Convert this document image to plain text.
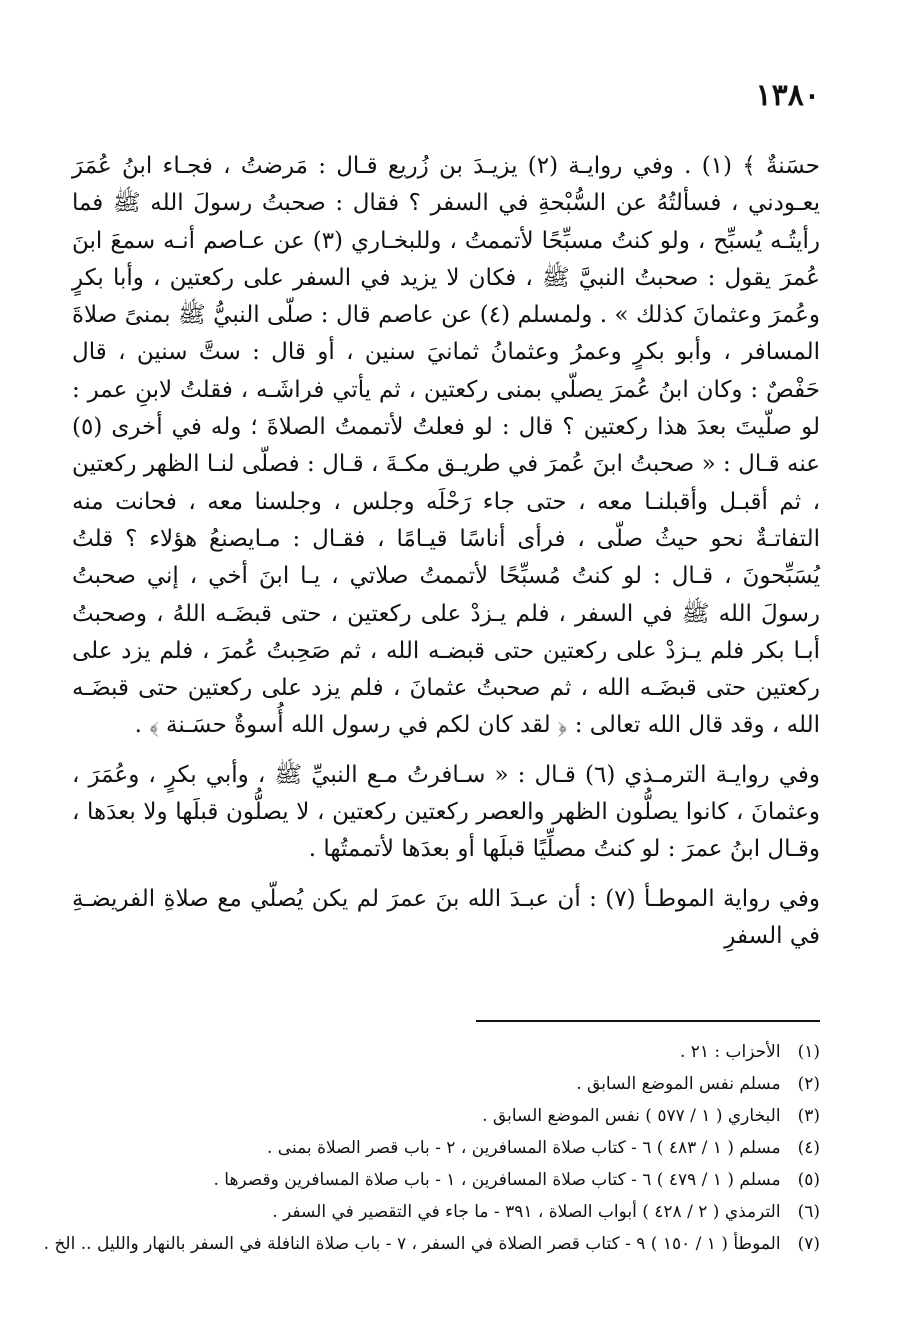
١٣٨٠

حسَنةٌ ﴾ (١) . وفي روايـة (٢) يزيـدَ بن زُريع قـال : مَرضتُ ، فجـاء ابنُ عُمَرَ يعـودني ، فسألتُهُ عن السُّبْحةِ في السفر ؟ فقال : صحبتُ رسولَ الله ﷺ فما رأيتُـه يُسبِّح ، ولو كنتُ مسبِّحًا لأتممتُ ، وللبخـاري (٣) عن عـاصم أنـه سمعَ ابنَ عُمرَ يقول : صحبتُ النبيَّ ﷺ ، فكان لا يزيد في السفر على ركعتين ، وأبا بكرٍ وعُمرَ وعثمانَ كذلك » . ولمسلم (٤) عن عاصم قال : صلّى النبيُّ ﷺ بمنىً صلاةَ المسافر ، وأبو بكرٍ وعمرُ وعثمانُ ثمانيَ سنين ، أو قال : ستَّ سنين ، قال حَفْصٌ : وكان ابنُ عُمرَ يصلّي بمنى ركعتين ، ثم يأتي فراشَـه ، فقلتُ لابنِ عمر : لو صلّيتَ بعدَ هذا ركعتين ؟ قال : لو فعلتُ لأتممتُ الصلاةَ ؛ وله في أخرى (٥) عنه قـال : « صحبتُ ابنَ عُمرَ في طريـق مكـةَ ، قـال : فصلّى لنـا الظهر ركعتين ، ثم أقبـل وأقبلنـا معه ، حتى جاء رَحْلَه وجلس ، وجلسنا معه ، فحانت منه التفاتـةٌ نحو حيثُ صلّى ، فرأى أناسًا قيـامًا ، فقـال : مـايصنعُ هؤلاء ؟ قلتُ يُسَبِّحونَ ، قـال : لو كنتُ مُسبِّحًا لأتممتُ صلاتي ، يـا ابنَ أخي ، إني صحبتُ رسولَ الله ﷺ في السفر ، فلم يـزدْ على ركعتين ، حتى قبضَـه اللهُ ، وصحبتُ أبـا بكر فلم يـزدْ على ركعتين حتى قبضـه الله ، ثم صَحِبتُ عُمرَ ، فلم يزد على ركعتين حتى قبضَـه الله ، ثم صحبتُ عثمانَ ، فلم يزد على ركعتين حتى قبضَـه الله ، وقد قال الله تعالى : ﴿ لقد كان لكم في رسول الله أُسوةٌ حسَـنة ﴾ .

وفي روايـة الترمـذي (٦) قـال : « سـافرتُ مـع النبيِّ ﷺ ، وأبي بكرٍ ، وعُمَرَ ، وعثمانَ ، كانوا يصلُّون الظهر والعصر ركعتين ركعتين ، لا يصلُّون قبلَها ولا بعدَها ، وقـال ابنُ عمرَ : لو كنتُ مصلِّيًا قبلَها أو بعدَها لأتممتُها .

وفي رواية الموطـأ (٧) : أن عبـدَ الله بنَ عمرَ لم يكن يُصلّي مع صلاةِ الفريضـةِ في السفرِ

(١) الأحزاب : ٢١ .
(٢) مسلم نفس الموضع السابق .
(٣) البخاري ( ١ / ٥٧٧ ) نفس الموضع السابق .
(٤) مسلم ( ١ / ٤٨٣ ) ٦ - كتاب صلاة المسافرين ، ٢ - باب قصر الصلاة بمنى .
(٥) مسلم ( ١ / ٤٧٩ ) ٦ - كتاب صلاة المسافرين ، ١ - باب صلاة المسافرين وقصرها .
(٦) الترمذي ( ٢ / ٤٢٨ ) أبواب الصلاة ، ٣٩١ - ما جاء في التقصير في السفر .
(٧) الموطأ ( ١ / ١٥٠ ) ٩ - كتاب قصر الصلاة في السفر ، ٧ - باب صلاة النافلة في السفر بالنهار والليل .. الخ .
